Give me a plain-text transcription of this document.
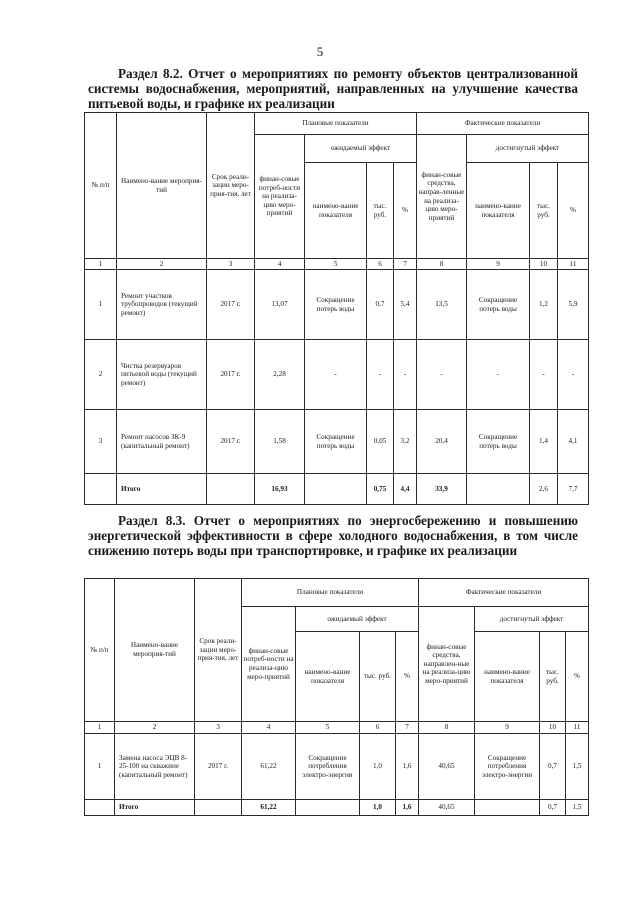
5
Раздел 8.2. Отчет о мероприятиях по ремонту объектов централизованной системы водоснабжения, мероприятий, направленных на улучшение качества питьевой воды, и графике их реализации
№ п/п	Наимено-вание мероприя-тий	Срок реали-зации меро-прия-тия, лет	Плановые показатели				Фактические показатели			
			финан-совые потреб-ности на реализа-цию меро-приятий	ожидаемый эффект			финан-совые средства, направ-ленные на реализа-цию меро-приятий	достигнутый эффект		
				наимено-вание показателя	тыс. руб.	%		наимено-вание показателя	тыс. руб.	%
1	2	3	4	5	6	7	8	9	10	11
1	Ремонт участков трубопроводов (текущий ремонт)	2017 г.	13,07	Сокращение потерь воды	0,7	5,4	13,5	Сокращение потерь воды	1,2	5,9
2	Чистка резервуаров питьевой воды (текущий ремонт)	2017 г.	2,28	-	-	-	-	-	-	-
3	Ремонт насосов ЗК-9 (капитальный ремонт)	2017 г.	1,58	Сокращение потерь воды	0,05	3,2	20,4	Сокращение потерь воды	1,4	4,1
	Итого		16,93		0,75	4,4	33,9		2,6	7,7
Раздел 8.3. Отчет о мероприятиях по энергосбережению и повышению энергетической эффективности в сфере холодного водоснабжения, в том числе снижению потерь воды при транспортировке, и графике их реализации
№ п/п	Наимено-вание мероприя-тий	Срок реали-зации меро-прия-тия, лет	Плановые показатели				Фактические показатели			
			финан-совые потреб-ности на реализа-цию меро-приятий	ожидаемый эффект			финан-совые средства, направлен-ные на реализа-цию меро-приятий	достигнутый эффект		
				наимено-вание показателя	тыс. руб.	%		наимено-вание показателя	тыс. руб.	%
1	2	3	4	5	6	7	8	9	10	11
1	Замена насоса ЭЦВ 8-25-100 на скважине (капитальный ремонт)	2017 г.	61,22	Сокращение потребления электро-энергии	1,0	1,6	40,65	Сокращение потребления электро-энергии	0,7	1,5
	Итого		61,22		1,0	1,6	40,65		0,7	1,5
